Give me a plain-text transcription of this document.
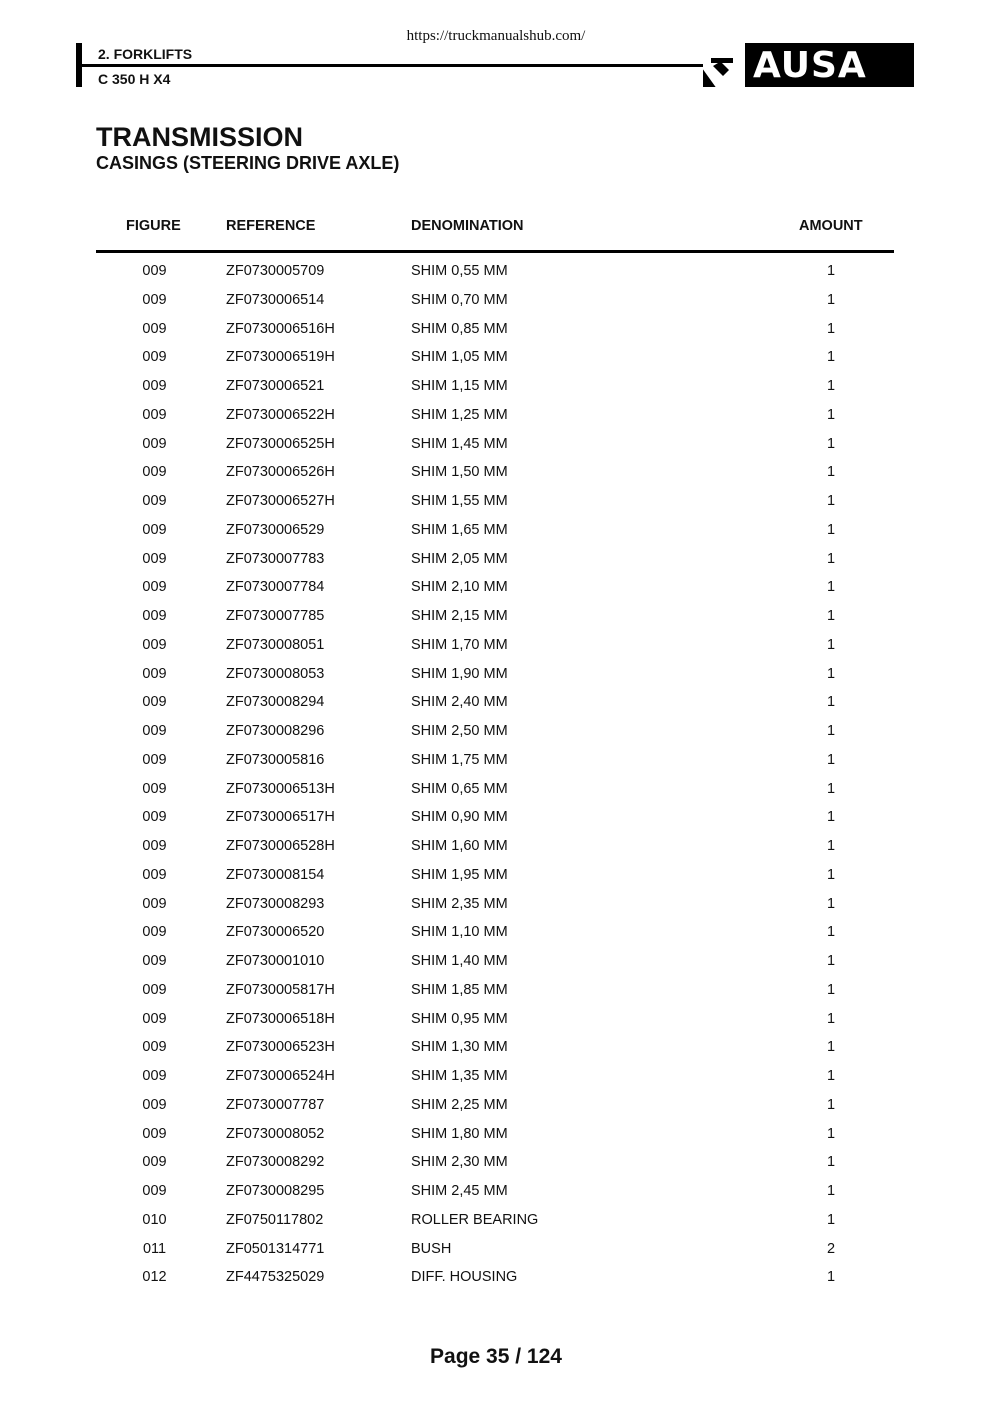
https://truckmanualshub.com/
2. FORKLIFTS
C 350 H X4	AUSA
TRANSMISSION
CASINGS (STEERING DRIVE AXLE)
FIGURE	REFERENCE	DENOMINATION	AMOUNT
009	ZF0730005709	SHIM 0,55 MM	1
009	ZF0730006514	SHIM 0,70 MM	1
009	ZF0730006516H	SHIM 0,85 MM	1
009	ZF0730006519H	SHIM 1,05 MM	1
009	ZF0730006521	SHIM 1,15 MM	1
009	ZF0730006522H	SHIM 1,25 MM	1
009	ZF0730006525H	SHIM 1,45 MM	1
009	ZF0730006526H	SHIM 1,50 MM	1
009	ZF0730006527H	SHIM 1,55 MM	1
009	ZF0730006529	SHIM 1,65 MM	1
009	ZF0730007783	SHIM 2,05 MM	1
009	ZF0730007784	SHIM 2,10 MM	1
009	ZF0730007785	SHIM 2,15 MM	1
009	ZF0730008051	SHIM 1,70 MM	1
009	ZF0730008053	SHIM 1,90 MM	1
009	ZF0730008294	SHIM 2,40 MM	1
009	ZF0730008296	SHIM 2,50 MM	1
009	ZF0730005816	SHIM 1,75 MM	1
009	ZF0730006513H	SHIM 0,65 MM	1
009	ZF0730006517H	SHIM 0,90 MM	1
009	ZF0730006528H	SHIM 1,60 MM	1
009	ZF0730008154	SHIM 1,95 MM	1
009	ZF0730008293	SHIM 2,35 MM	1
009	ZF0730006520	SHIM 1,10 MM	1
009	ZF0730001010	SHIM 1,40 MM	1
009	ZF0730005817H	SHIM 1,85 MM	1
009	ZF0730006518H	SHIM 0,95 MM	1
009	ZF0730006523H	SHIM 1,30 MM	1
009	ZF0730006524H	SHIM 1,35 MM	1
009	ZF0730007787	SHIM 2,25 MM	1
009	ZF0730008052	SHIM 1,80 MM	1
009	ZF0730008292	SHIM 2,30 MM	1
009	ZF0730008295	SHIM 2,45 MM	1
010	ZF0750117802	ROLLER BEARING	1
011	ZF0501314771	BUSH	2
012	ZF4475325029	DIFF. HOUSING	1
Page 35 / 124
